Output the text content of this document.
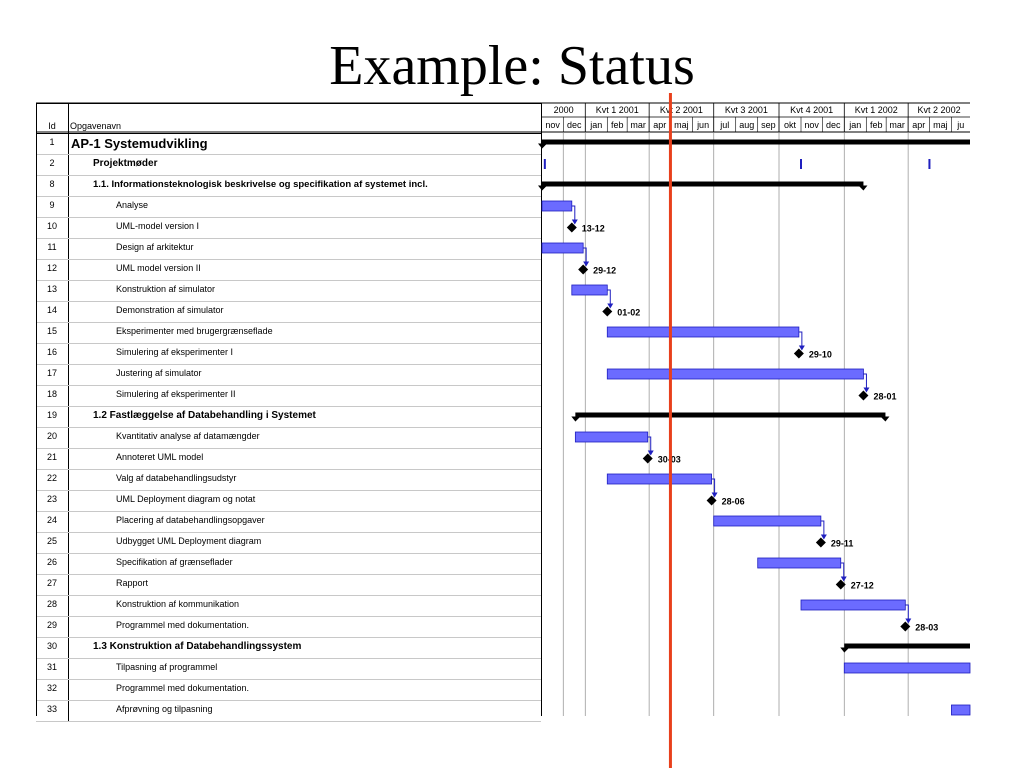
Example: Status
Id	Opgavenavn
1	AP-1 Systemudvikling
2	Projektmøder
8	1.1. Informationsteknologisk beskrivelse og specifikation af systemet incl.
9	Analyse
10	UML-model version I
11	Design af arkitektur
12	UML model version II
13	Konstruktion af simulator
14	Demonstration af simulator
15	Eksperimenter med brugergrænseflade
16	Simulering af eksperimenter I
17	Justering af simulator
18	Simulering af eksperimenter II
19	1.2 Fastlæggelse af Databehandling i Systemet
20	Kvantitativ analyse af datamængder
21	Annoteret UML model
22	Valg af databehandlingsudstyr
23	UML Deployment diagram og notat
24	Placering af databehandlingsopgaver
25	Udbygget UML Deployment diagram
26	Specifikation af grænseflader
27	Rapport
28	Konstruktion af kommunikation
29	Programmel med dokumentation.
30	1.3 Konstruktion af Databehandlingssystem
31	Tilpasning af programmel
32	Programmel med dokumentation.
33	Afprøvning og tilpasning
2000 Kvt 1 2001 Kvt 2 2001 Kvt 3 2001 Kvt 4 2001 Kvt 1 2002 Kvt 2 2002
nov dec jan feb mar apr maj jun jul aug sep okt nov dec jan feb mar apr maj ju
13-12
29-12
01-02
29-10
28-01
30-03
28-06
29-11
27-12
28-03
